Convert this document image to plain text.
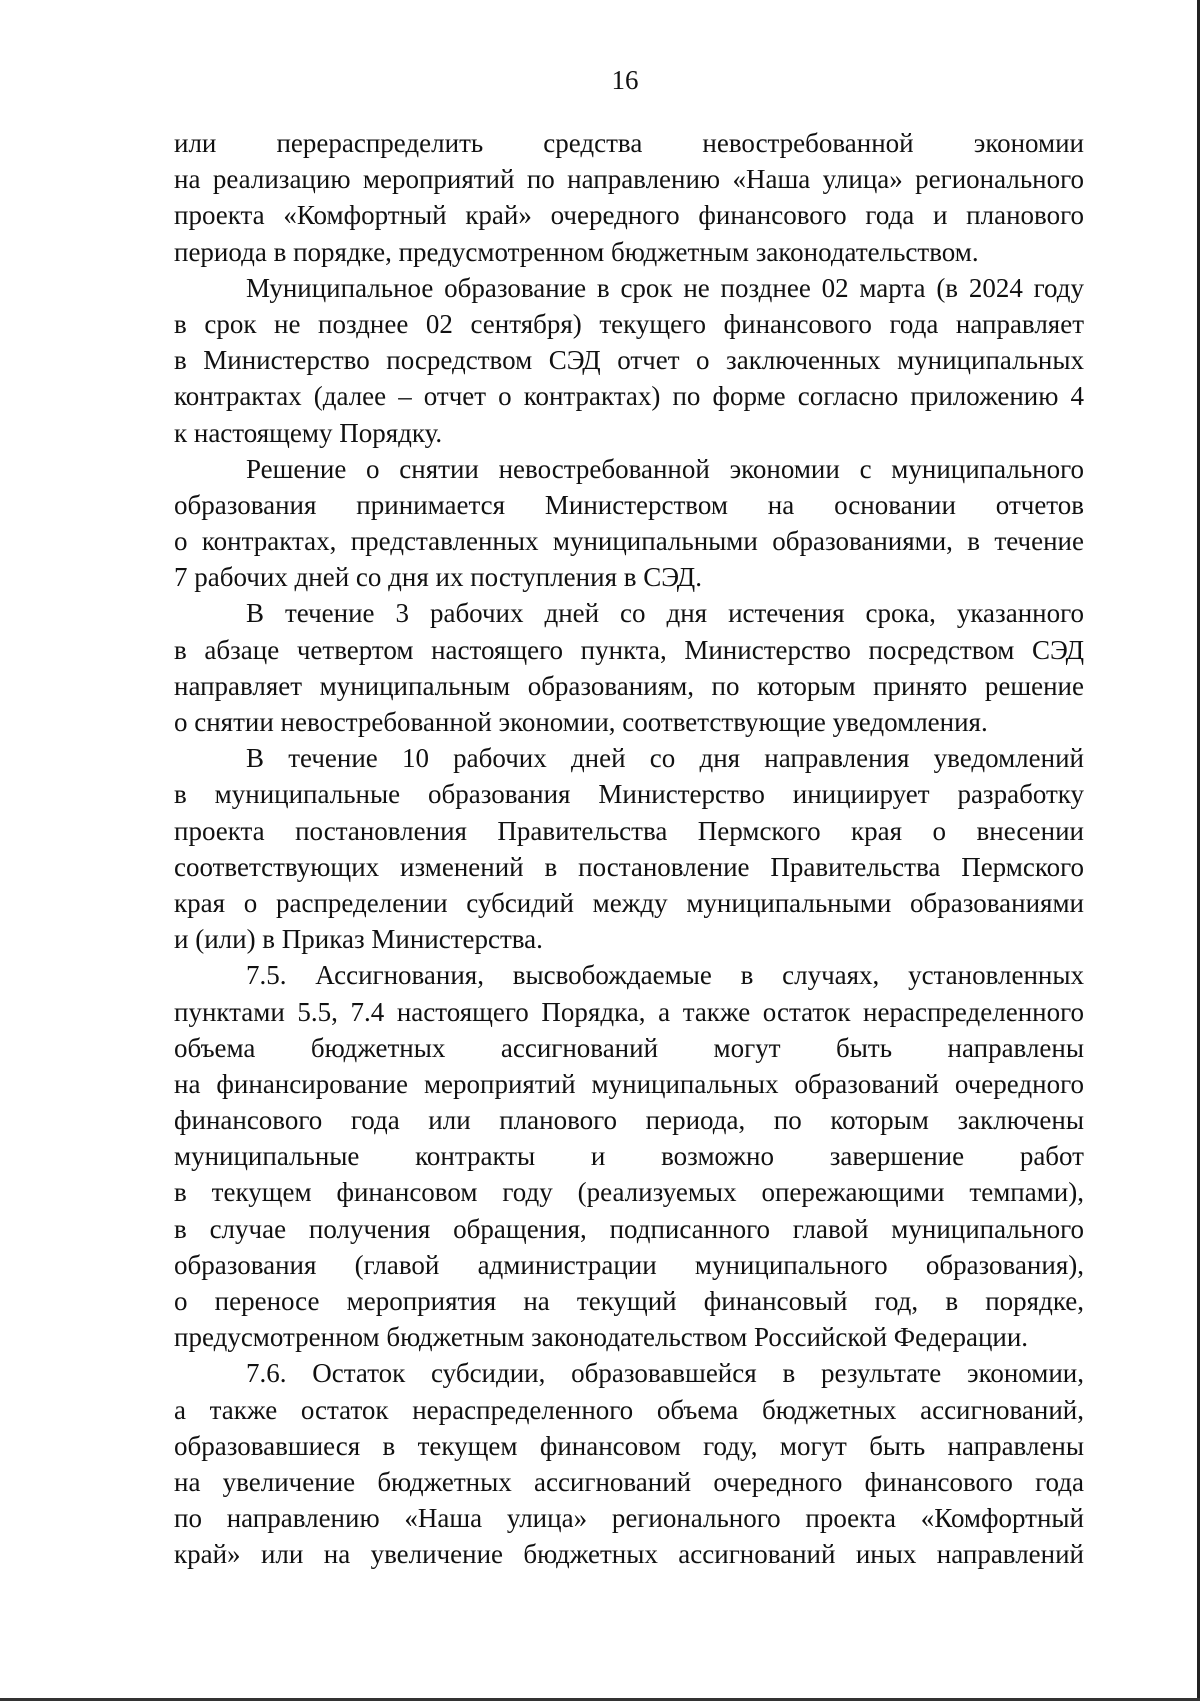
16

или перераспределить средства невостребованной экономии
на реализацию мероприятий по направлению «Наша улица» регионального
проекта «Комфортный край» очередного финансового года и планового
периода в порядке, предусмотренном бюджетным законодательством.

Муниципальное образование в срок не позднее 02 марта (в 2024 году
в срок не позднее 02 сентября) текущего финансового года направляет
в Министерство посредством СЭД отчет о заключенных муниципальных
контрактах (далее – отчет о контрактах) по форме согласно приложению 4
к настоящему Порядку.

Решение о снятии невостребованной экономии с муниципального
образования принимается Министерством на основании отчетов
о контрактах, представленных муниципальными образованиями, в течение
7 рабочих дней со дня их поступления в СЭД.

В течение 3 рабочих дней со дня истечения срока, указанного
в абзаце четвертом настоящего пункта, Министерство посредством СЭД
направляет муниципальным образованиям, по которым принято решение
о снятии невостребованной экономии, соответствующие уведомления.

В течение 10 рабочих дней со дня направления уведомлений
в муниципальные образования Министерство инициирует разработку
проекта постановления Правительства Пермского края о внесении
соответствующих изменений в постановление Правительства Пермского
края о распределении субсидий между муниципальными образованиями
и (или) в Приказ Министерства.

7.5. Ассигнования, высвобождаемые в случаях, установленных
пунктами 5.5, 7.4 настоящего Порядка, а также остаток нераспределенного
объема бюджетных ассигнований могут быть направлены
на финансирование мероприятий муниципальных образований очередного
финансового года или планового периода, по которым заключены
муниципальные контракты и возможно завершение работ
в текущем финансовом году (реализуемых опережающими темпами),
в случае получения обращения, подписанного главой муниципального
образования (главой администрации муниципального образования),
о переносе мероприятия на текущий финансовый год, в порядке,
предусмотренном бюджетным законодательством Российской Федерации.

7.6. Остаток субсидии, образовавшейся в результате экономии,
а также остаток нераспределенного объема бюджетных ассигнований,
образовавшиеся в текущем финансовом году, могут быть направлены
на увеличение бюджетных ассигнований очередного финансового года
по направлению «Наша улица» регионального проекта «Комфортный
край» или на увеличение бюджетных ассигнований иных направлений
